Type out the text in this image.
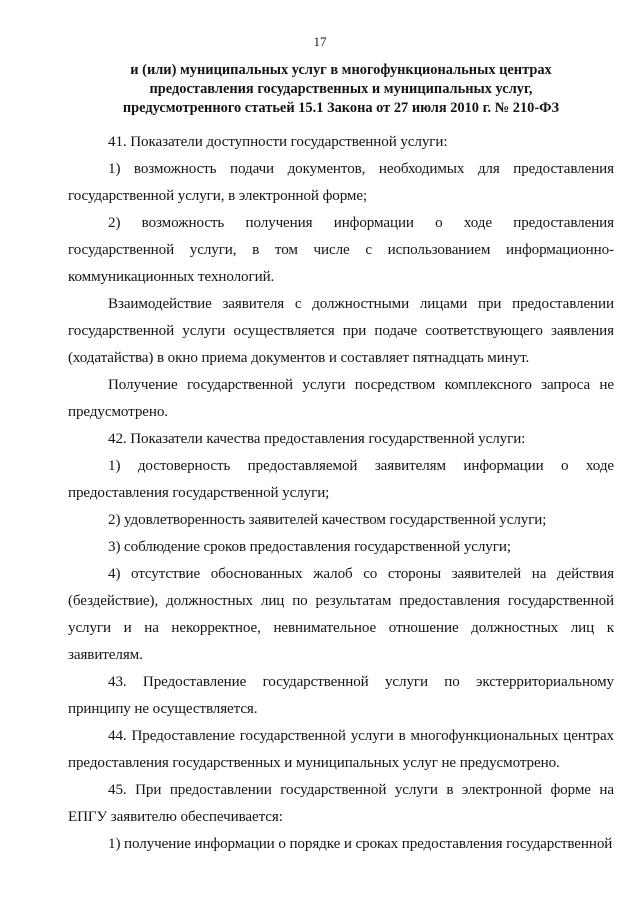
17
и (или) муниципальных услуг в многофункциональных центрах
предоставления государственных и муниципальных услуг,
предусмотренного статьей 15.1 Закона от 27 июля 2010 г. № 210-ФЗ

41. Показатели доступности государственной услуги:

1) возможность подачи документов, необходимых для предоставления государственной услуги, в электронной форме;

2) возможность получения информации о ходе предоставления государственной услуги, в том числе с использованием информационно-коммуникационных технологий.

Взаимодействие заявителя с должностными лицами при предоставлении государственной услуги осуществляется при подаче соответствующего заявления (ходатайства) в окно приема документов и составляет пятнадцать минут.

Получение государственной услуги посредством комплексного запроса не предусмотрено.

42. Показатели качества предоставления государственной услуги:

1) достоверность предоставляемой заявителям информации о ходе предоставления государственной услуги;

2) удовлетворенность заявителей качеством государственной услуги;

3) соблюдение сроков предоставления государственной услуги;

4) отсутствие обоснованных жалоб со стороны заявителей на действия (бездействие), должностных лиц по результатам предоставления государственной услуги и на некорректное, невнимательное отношение должностных лиц к заявителям.

43. Предоставление государственной услуги по экстерриториальному принципу не осуществляется.

44. Предоставление государственной услуги в многофункциональных центрах предоставления государственных и муниципальных услуг не предусмотрено.

45. При предоставлении государственной услуги в электронной форме на ЕПГУ заявителю обеспечивается:

1) получение информации о порядке и сроках предоставления государственной
